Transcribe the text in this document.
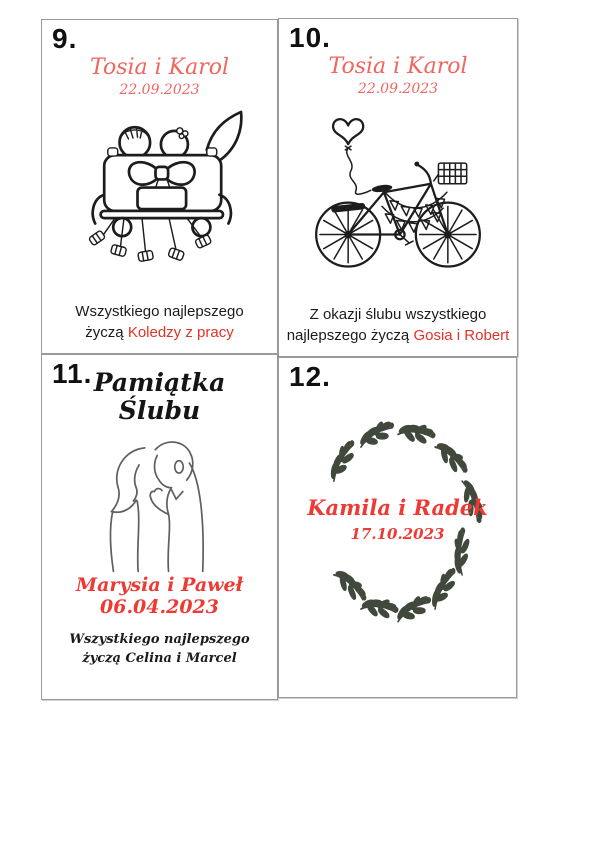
9.
Tosia i Karol
22.09.2023
Wszystkiego najlepszego
życzą Koledzy z pracy
10.
Tosia i Karol
22.09.2023
Z okazji ślubu wszystkiego
najlepszego życzą Gosia i Robert
11. Pamiątka
Ślubu
Marysia i Paweł
06.04.2023
Wszystkiego najlepszego
życzą Celina i Marcel
12.
Kamila i Radek
17.10.2023
